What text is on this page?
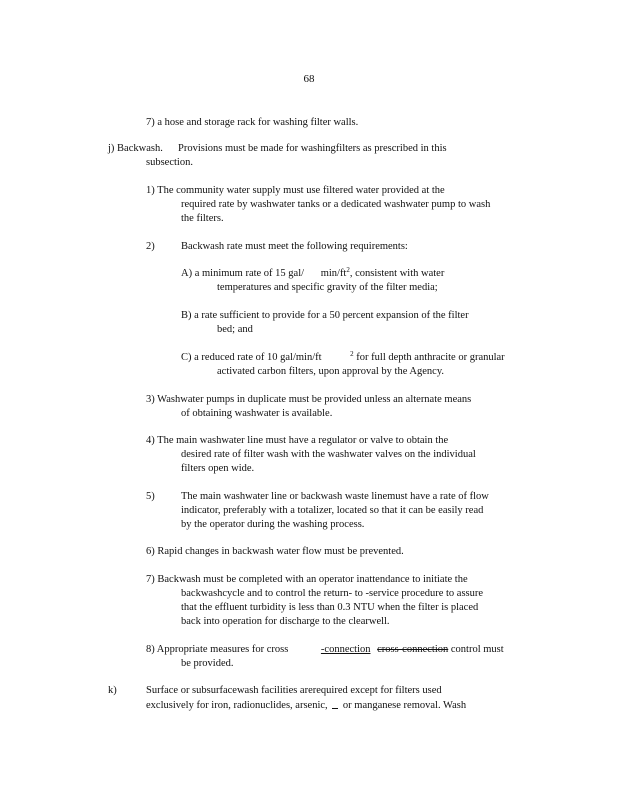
68
7) a hose and storage rack for washing filter walls.
j) Backwash. Provisions must be made for washingfilters as prescribed in this
subsection.
1) The community water supply must use filtered water provided at the
required rate by washwater tanks or a dedicated washwater pump to wash
the filters.
2)	Backwash rate must meet the following requirements:
A) a minimum rate of 15 gal/ $\min/ft^2$, consistent with water
temperatures and specific gravity of the filter media;
B) a rate sufficient to provide for a 50 percent expansion of the filter
bed; and
C) a reduced rate of 10 gal/min/ft	$^2$ for full depth anthracite or granular
activated carbon filters, upon approval by the Agency.
3) Washwater pumps in duplicate must be provided unless an alternate means
of obtaining washwater is available.
4) The main washwater line must have a regulator or valve to obtain the
desired rate of filter wash with the washwater valves on the individual
filters open wide.
5)	The main washwater line or backwash waste linemust have a rate of flow
indicator, preferably with a totalizer, located so that it can be easily read
by the operator during the washing process.
6) Rapid changes in backwash water flow must be prevented.
7) Backwash must be completed with an operator inattendance to initiate the
backwashcycle and to control the return- to -service procedure to assure
that the effluent turbidity is less than 0.3 NTU when the filter is placed
back into operation for discharge to the clearwell.
8) Appropriate measures for cross	-connection cross-connection control must
be provided.
k)	Surface or subsurfacewash facilities arerequired except for filters used
exclusively for iron, radionuclides, arsenic, or manganese removal. Wash
